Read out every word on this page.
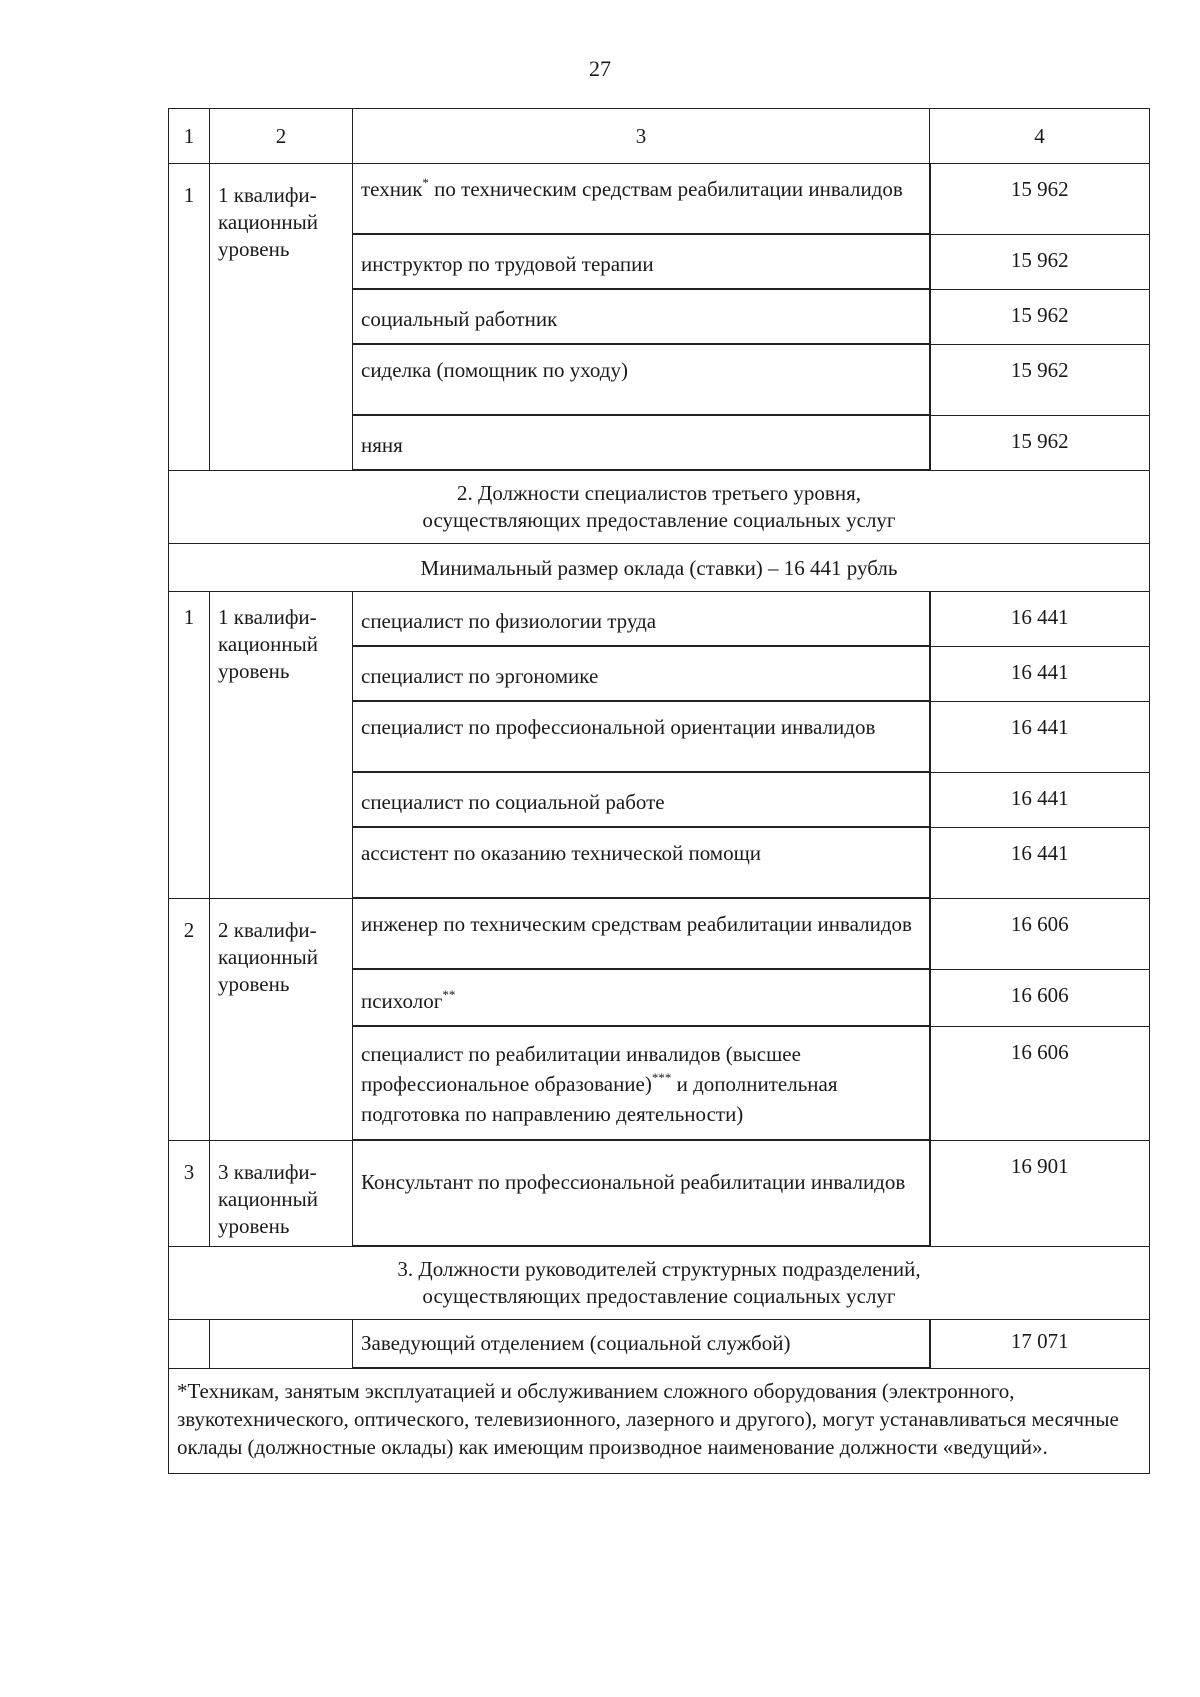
27
1	2	3	4
1	1 квалифи-кационный уровень	техник* по техническим средствам реабилитации инвалидов	15 962
		инструктор по трудовой терапии	15 962
		социальный работник	15 962
		сиделка (помощник по уходу)	15 962
		няня	15 962

2. Должности специалистов третьего уровня,
осуществляющих предоставление социальных услуг			

Минимальный размер оклада (ставки) – 16 441 рубль			
1	1 квалифи-кационный уровень	специалист по физиологии труда	16 441
		специалист по эргономике	16 441
		специалист по профессиональной ориентации инвалидов	16 441
		специалист по социальной работе	16 441
		ассистент по оказанию технической помощи	16 441
2	2 квалифи-кационный уровень	инженер по техническим средствам реабилитации инвалидов	16 606
		психолог**	16 606
		специалист по реабилитации инвалидов (высшее профессиональное образование)*** и дополнительная подготовка по направлению деятельности)	16 606
3	3 квалифи-кационный уровень	Консультант по профессиональной реабилитации инвалидов	16 901

3. Должности руководителей структурных подразделений,
осуществляющих предоставление социальных услуг			

		Заведующий отделением (социальной службой)	17 071
*Техникам, занятым эксплуатацией и обслуживанием сложного оборудования (электронного, звукотехнического, оптического, телевизионного, лазерного и другого), могут устанавливаться месячные оклады (должностные оклады) как имеющим производное наименование должности «ведущий».			
